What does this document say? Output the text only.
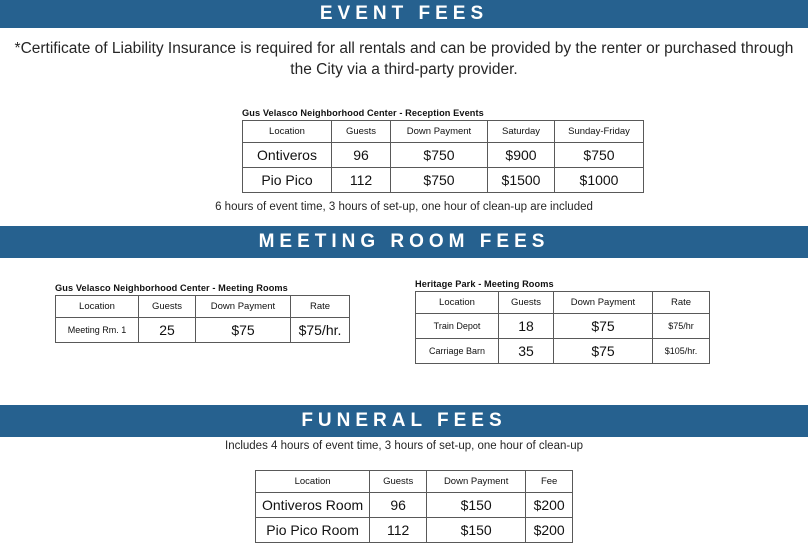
EVENT FEES

*Certificate of Liability Insurance is required for all rentals and can be provided by the renter or purchased through the City via a third-party provider.

Gus Velasco Neighborhood Center - Reception Events
Location	Guests	Down Payment	Saturday	Sunday-Friday
Ontiveros	96	$750	$900	$750
Pio Pico	112	$750	$1500	$1000
6 hours of event time, 3 hours of set-up, one hour of clean-up are included
MEETING ROOM FEES
Gus Velasco Neighborhood Center - Meeting Rooms
Location	Guests	Down Payment	Rate
Meeting Rm. 1	25	$75	$75/hr.
Heritage Park - Meeting Rooms
Location	Guests	Down Payment	Rate
Train Depot	18	$75	$75/hr
Carriage Barn	35	$75	$105/hr.
FUNERAL FEES
Includes 4 hours of event time, 3 hours of set-up, one hour of clean-up
Location	Guests	Down Payment	Fee
Ontiveros Room	96	$150	$200
Pio Pico Room	112	$150	$200
